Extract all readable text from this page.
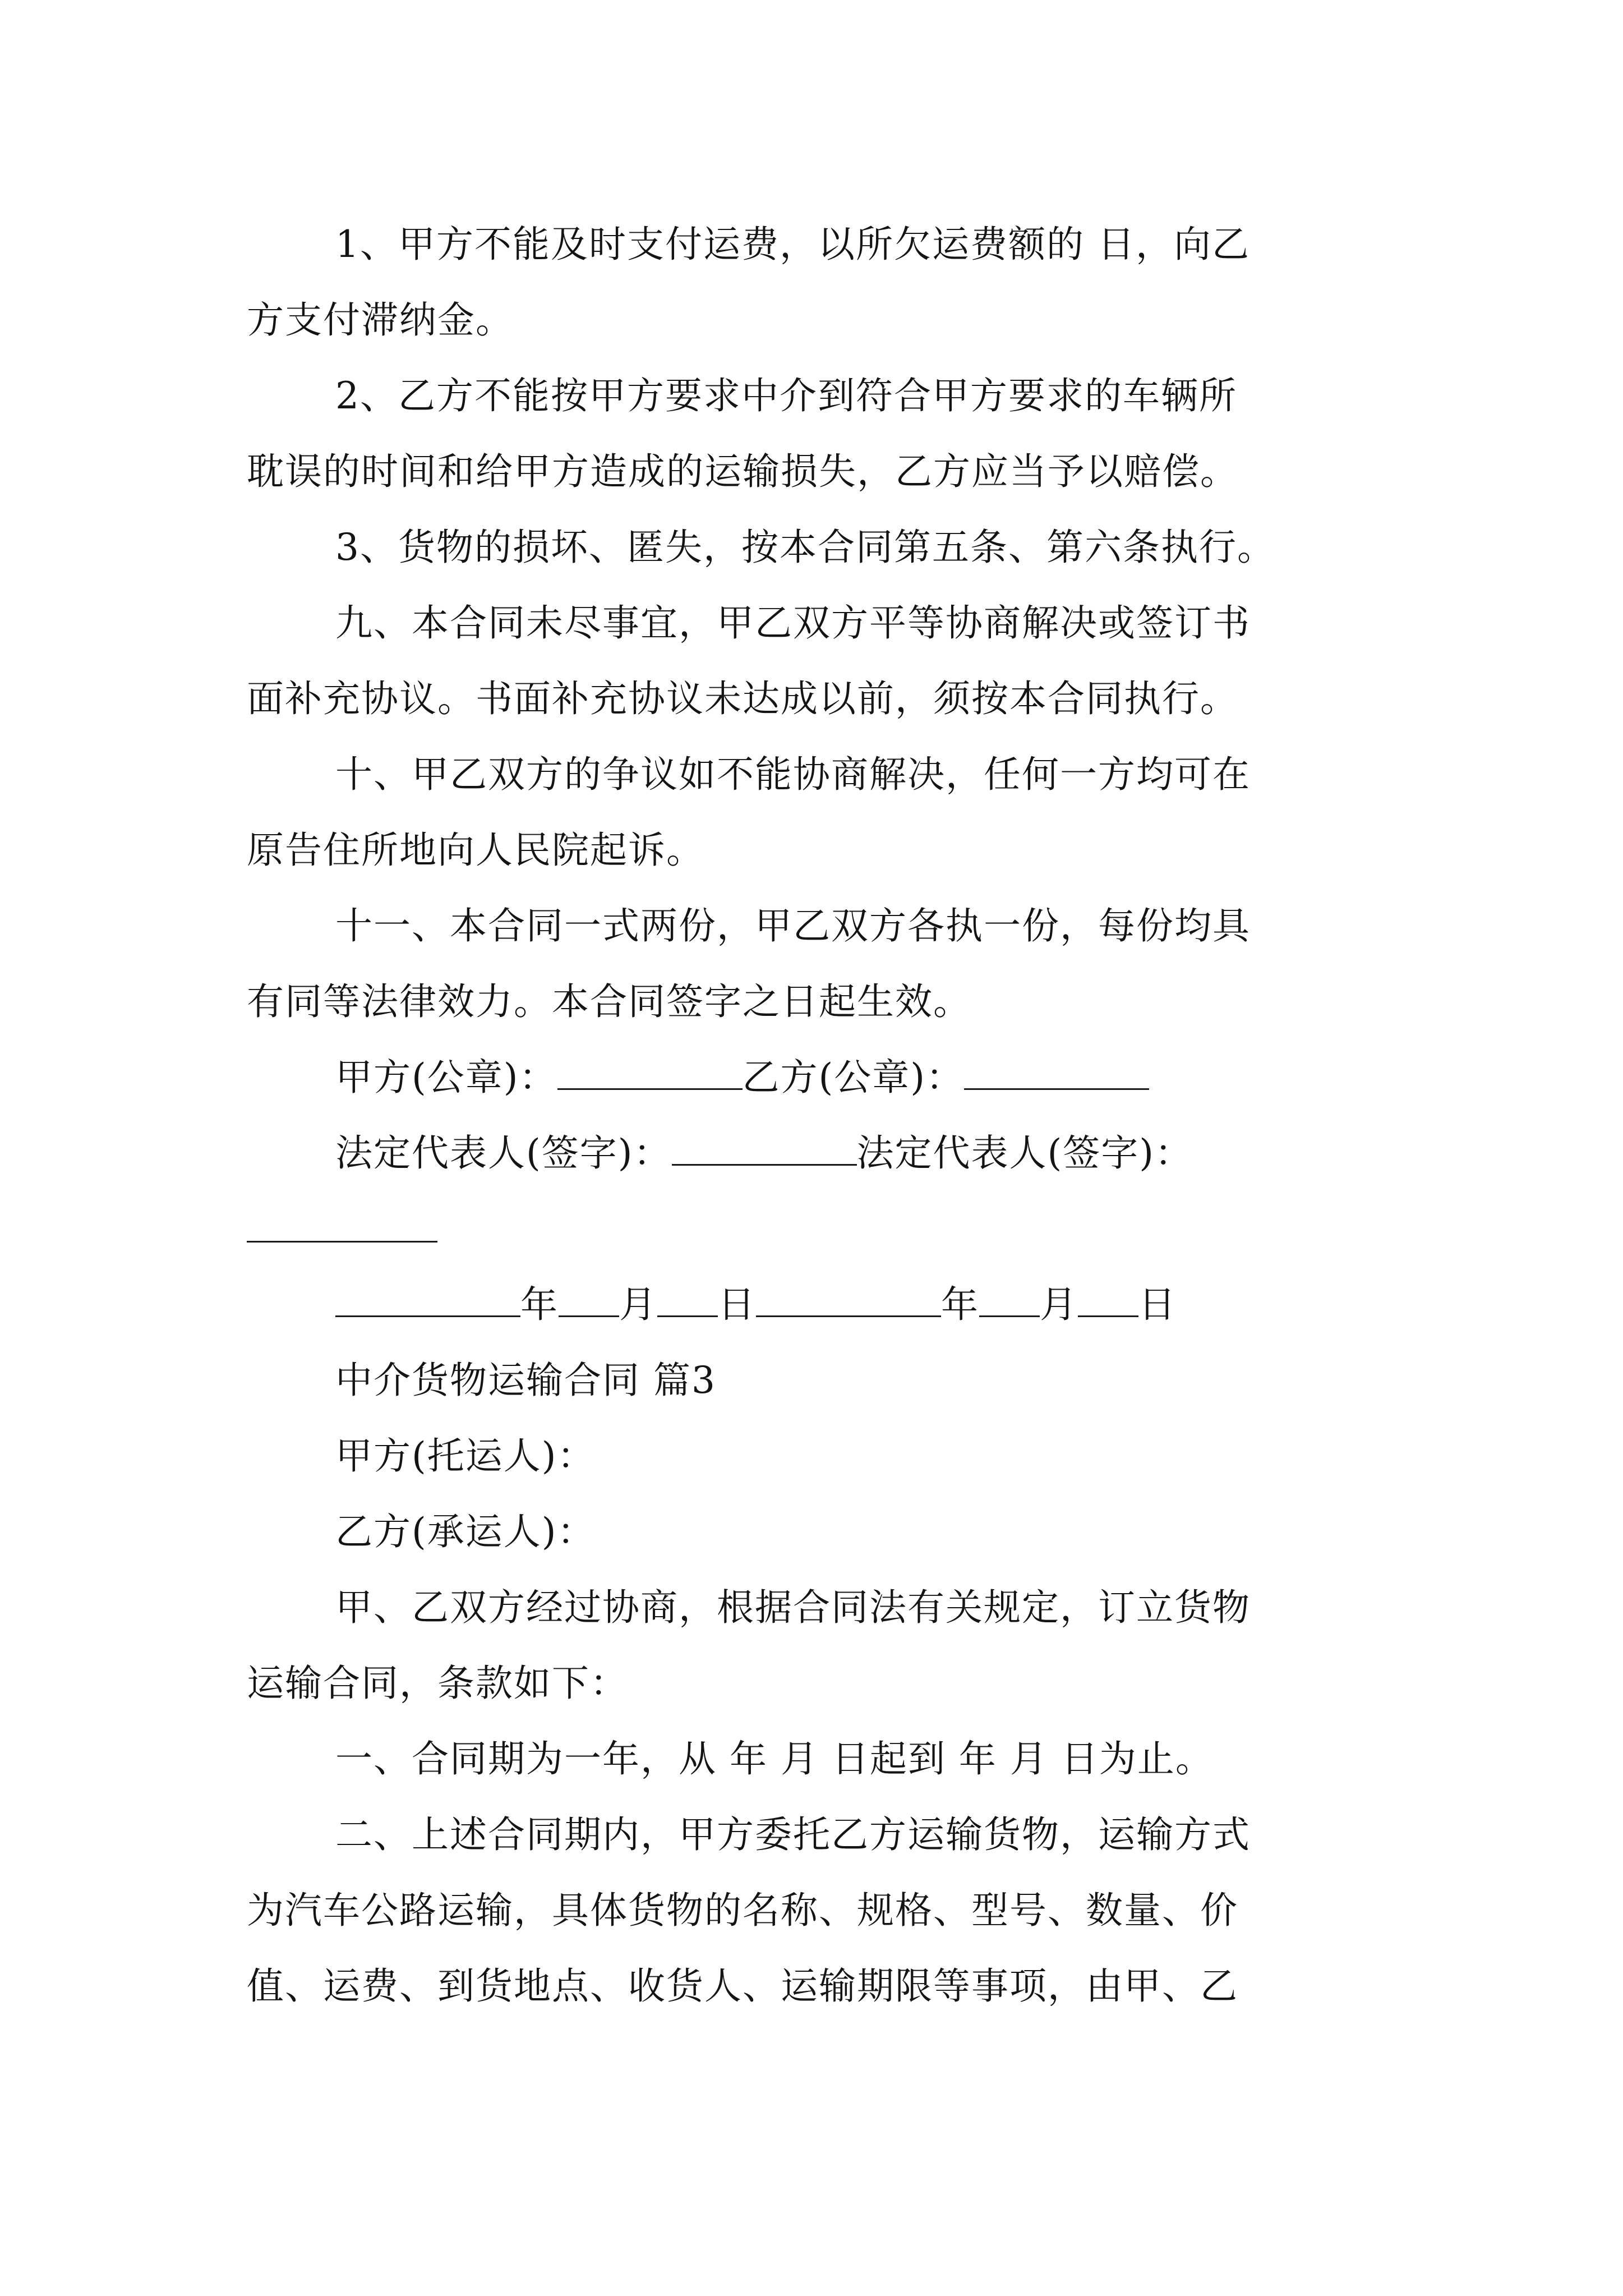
1、甲方不能及时支付运费，以所欠运费额的 日，向乙
方支付滞纳金。
2、乙方不能按甲方要求中介到符合甲方要求的车辆所
耽误的时间和给甲方造成的运输损失，乙方应当予以赔偿。
3、货物的损坏、匿失，按本合同第五条、第六条执行。
九、本合同未尽事宜，甲乙双方平等协商解决或签订书
面补充协议。书面补充协议未达成以前，须按本合同执行。
十、甲乙双方的争议如不能协商解决，任何一方均可在
原告住所地向人民院起诉。
十一、本合同一式两份，甲乙双方各执一份，每份均具
有同等法律效力。本合同签字之日起生效。
甲方(公章)：	乙方(公章)：
法定代表人(签字)：	法定代表人(签字)：
年 月 日	年 月 日
中介货物运输合同 篇3
甲方(托运人)：
乙方(承运人)：
甲、乙双方经过协商，根据合同法有关规定，订立货物
运输合同，条款如下：
一、合同期为一年，从 年 月 日起到 年 月 日为止。
二、上述合同期内，甲方委托乙方运输货物，运输方式
为汽车公路运输，具体货物的名称、规格、型号、数量、价
值、运费、到货地点、收货人、运输期限等事项，由甲、乙
